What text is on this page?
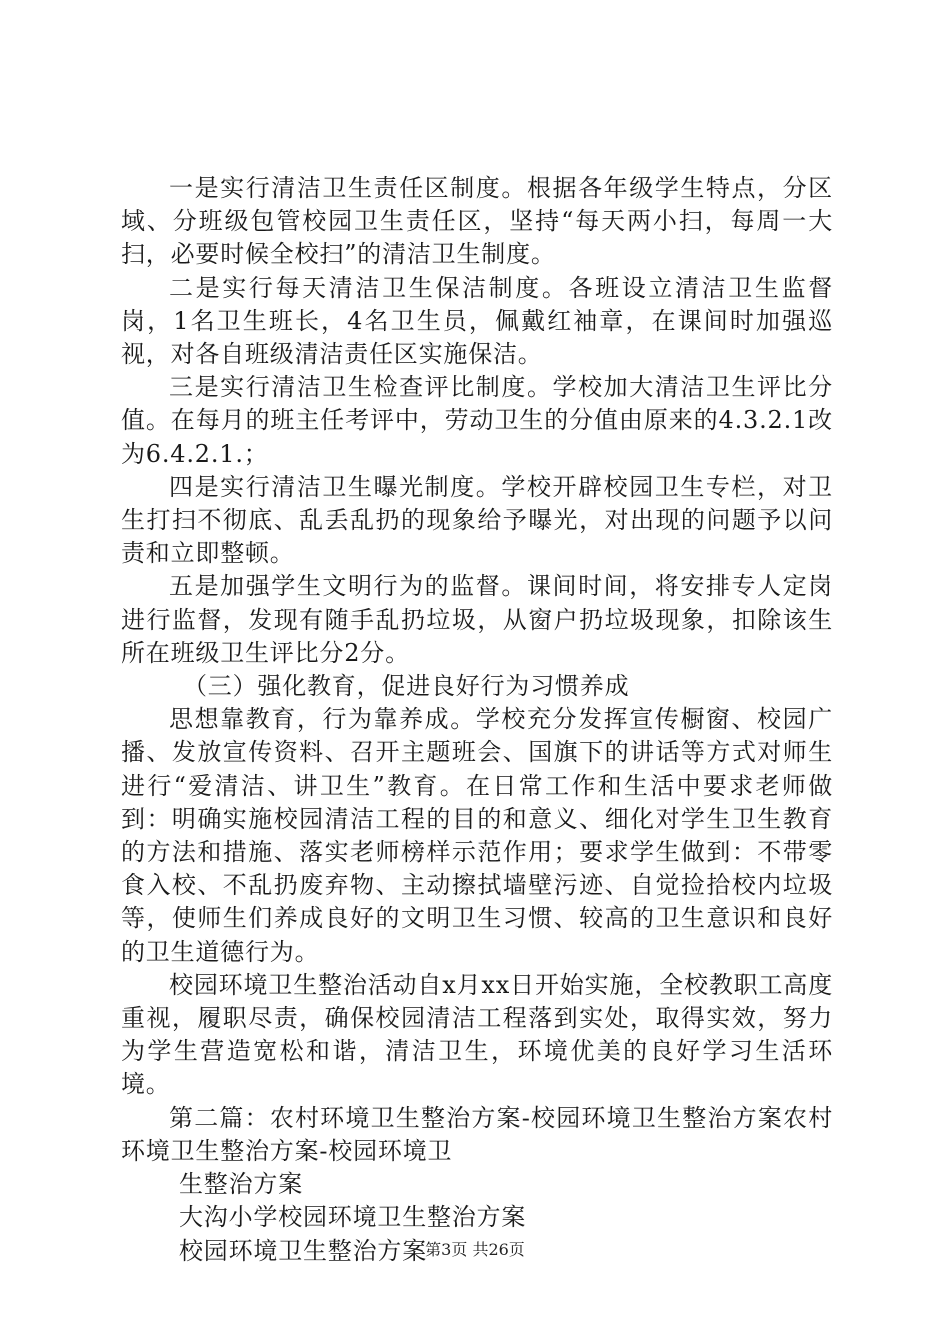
一是实行清洁卫生责任区制度。根据各年级学生特点，分区域、分班级包管校园卫生责任区，坚持“每天两小扫，每周一大扫，必要时候全校扫”的清洁卫生制度。

二是实行每天清洁卫生保洁制度。各班设立清洁卫生监督岗，1名卫生班长，4名卫生员，佩戴红袖章，在课间时加强巡视，对各自班级清洁责任区实施保洁。

三是实行清洁卫生检查评比制度。学校加大清洁卫生评比分值。在每月的班主任考评中，劳动卫生的分值由原来的4.3.2.1改为6.4.2.1.；

四是实行清洁卫生曝光制度。学校开辟校园卫生专栏，对卫生打扫不彻底、乱丢乱扔的现象给予曝光，对出现的问题予以问责和立即整顿。

五是加强学生文明行为的监督。课间时间，将安排专人定岗进行监督，发现有随手乱扔垃圾，从窗户扔垃圾现象，扣除该生所在班级卫生评比分2分。

（三）强化教育，促进良好行为习惯养成

思想靠教育，行为靠养成。学校充分发挥宣传橱窗、校园广播、发放宣传资料、召开主题班会、国旗下的讲话等方式对师生进行“爱清洁、讲卫生”教育。在日常工作和生活中要求老师做到：明确实施校园清洁工程的目的和意义、细化对学生卫生教育的方法和措施、落实老师榜样示范作用；要求学生做到：不带零食入校、不乱扔废弃物、主动擦拭墙壁污迹、自觉捡拾校内垃圾等，使师生们养成良好的文明卫生习惯、较高的卫生意识和良好的卫生道德行为。

校园环境卫生整治活动自x月xx日开始实施，全校教职工高度重视，履职尽责，确保校园清洁工程落到实处，取得实效，努力为学生营造宽松和谐，清洁卫生，环境优美的良好学习生活环境。

第二篇：农村环境卫生整治方案-校园环境卫生整治方案农村环境卫生整治方案-校园环境卫

生整治方案

大沟小学校园环境卫生整治方案

校园环境卫生整治方案

第3页 共26页
